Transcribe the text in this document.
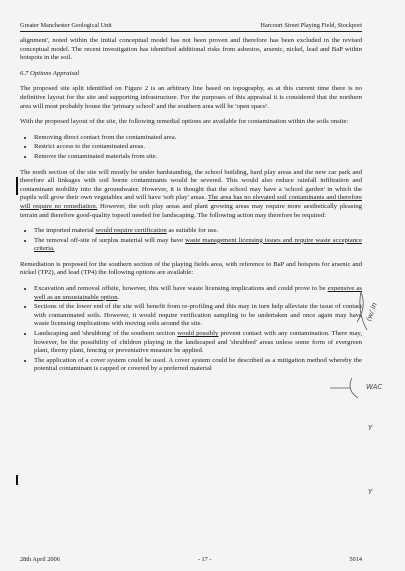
Greater Manchester Geological Unit	Harcourt Street Playing Field, Stockport

alignment', noted within the initial conceptual model has not been proven and therefore has been excluded in the revised conceptual model. The recent investigation has identified additional risks from asbestos, arsenic, nickel, lead and BaP within hotspots in the soil.

6.7 Options Appraisal

The proposed site split identified on Figure 2 is an arbitrary line based on topography, as at this current time there is no definitive layout for the site and supporting infrastructure. For the purposes of this appraisal it is considered that the northern area will most probably house the 'primary school' and the southern area will be 'open space'.

With the proposed layout of the site, the following remedial options are available for contamination within the soils onsite:

• Removing direct contact from the contaminated area.
• Restrict access to the contaminated areas.
• Remove the contaminated materials from site.

The north section of the site will mostly be under hardstanding, the school building, hard play areas and the new car park and therefore all linkages with soil borne contaminants would be severed. This would also reduce rainfall infiltration and contaminant mobility into the groundwater. However, it is thought that the school may have a 'school garden' in which the pupils will grow their own vegetables and will have 'soft play' areas. The area has no elevated soil contaminants and therefore will require no remediation. However, the soft play areas and plant growing areas may require more aesthetically pleasing terrain and therefore good-quality topsoil needed for landscaping. The following action may therefore be required:

• The imported material would require certification as suitable for use.
• The removal off-site of surplus material will may have waste management licensing issues and require waste acceptance criteria.

Remediation is proposed for the southern section of the playing fields area, with reference to BaP and hotspots for arsenic and nickel (TP2), and lead (TP4) the following options are available:

• Excavation and removal offsite, however, this will have waste licensing implications and could prove to be expensive as well as an unsustainable option.
• Sections of the lower end of the site will benefit from re-profiling and this may in turn help alleviate the issue of contact with contaminated soils. However, it would require verification sampling to be undertaken and once again may have waste licensing implications with moving soils around the site.
• Landscaping and 'shrubbing' of the southern section would possibly prevent contact with any contamination. There may, however, be the possibility of children playing in the landscaped and 'shrubbed' areas unless some form of evergreen plant, thorny plant, fencing or preventative measure be applied.
• The application of a cover system could be used. A cover system could be described as a mitigation method whereby the potential contaminant is capped or covered by a preferred material
(w/ in
WAC
Y
Y
28th April 2006	- 17 -	5014
